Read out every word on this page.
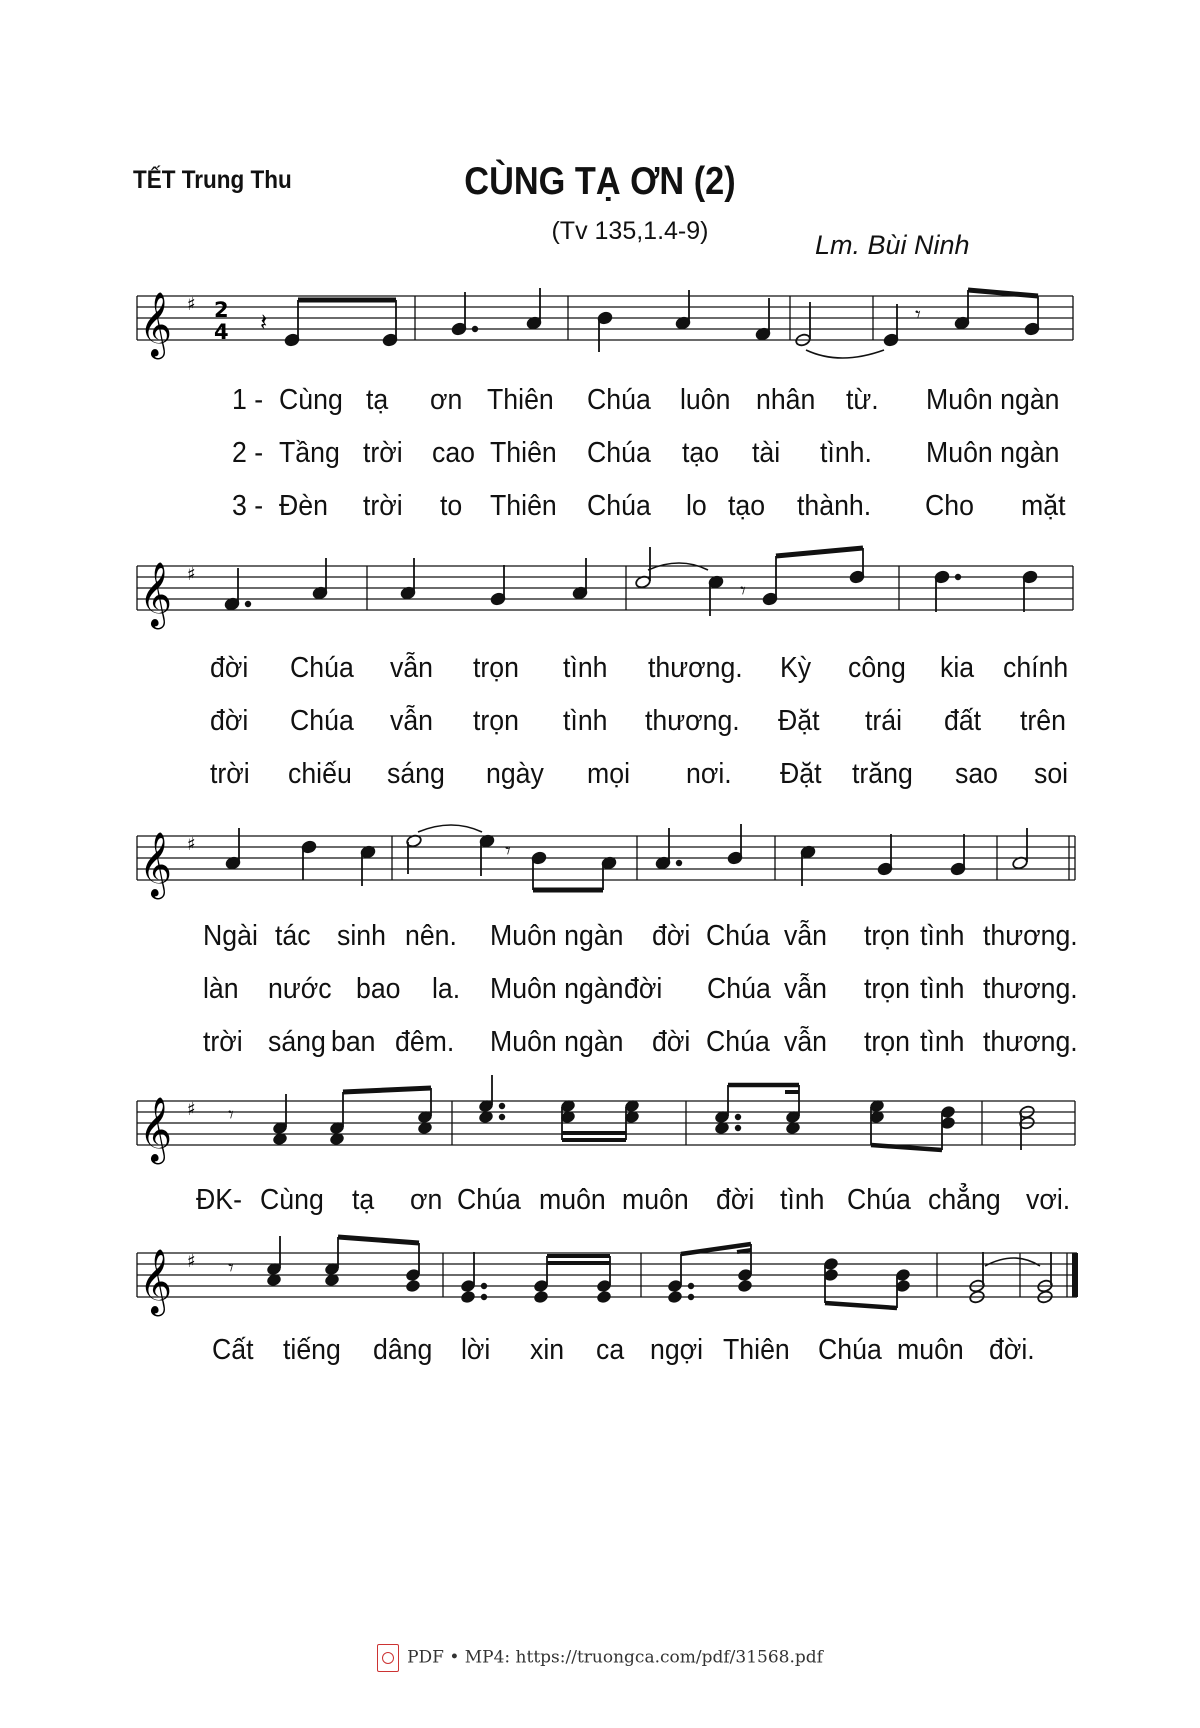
TẾT Trung Thu	CÙNG TẠ ƠN (2)
(Tv 135,1.4-9)	Lm. Bùi Ninh
𝄞 ♯ 2
4 𝄽	𝄾
1 - Cùng tạ ơn Thiên Chúa luôn nhân từ. Muôn ngàn
2 - Tầng trời cao Thiên Chúa tạo tài tình. Muôn ngàn
3 - Đèn trời to Thiên Chúa lo tạo thành. Cho mặt
𝄞 ♯
𝄾
đời Chúa vẫn trọn tình thương. Kỳ công kia chính
đời Chúa vẫn trọn tình thương. Đặt trái đất trên
trời chiếu sáng ngày mọi nơi. Đặt trăng sao soi
𝄞 ♯	𝄾
Ngài tác sinh nên. Muôn ngàn đời Chúa vẫn trọn tình thương.
làn nước bao la. Muôn ngàn đời Chúa vẫn trọn tình thương.
trời sáng ban đêm. Muôn ngàn đời Chúa vẫn trọn tình thương.
𝄞 ♯ 𝄾
ĐK- Cùng tạ ơn Chúa muôn muôn đời tình Chúa chẳng vơi.
𝄞 ♯ 𝄾
Cất tiếng dâng lời xin ca ngợi Thiên Chúa muôn đời.
PDF • MP4: https://truongca.com/pdf/31568.pdf
